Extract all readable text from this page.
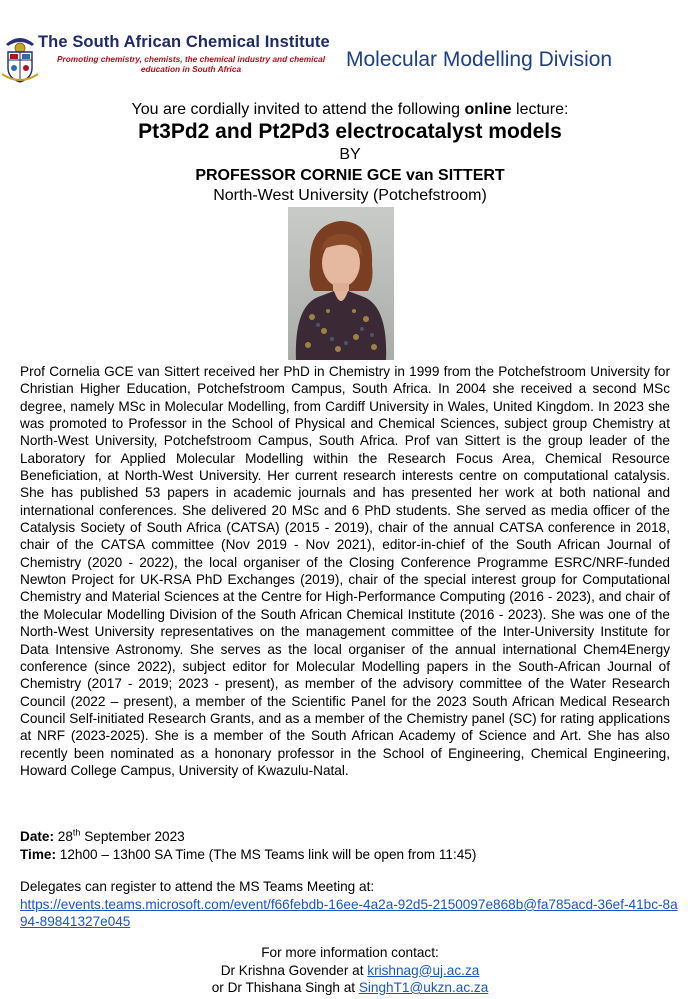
The South African Chemical Institute
Promoting chemistry, chemists, the chemical industry and chemical education in South Africa	Molecular Modelling Division
You are cordially invited to attend the following online lecture:
Pt3Pd2 and Pt2Pd3 electrocatalyst models
BY
PROFESSOR CORNIE GCE van SITTERT
North-West University (Potchefstroom)
Prof Cornelia GCE van Sittert received her PhD in Chemistry in 1999 from the Potchefstroom University for Christian Higher Education, Potchefstroom Campus, South Africa. In 2004 she received a second MSc degree, namely MSc in Molecular Modelling, from Cardiff University in Wales, United Kingdom. In 2023 she was promoted to Professor in the School of Physical and Chemical Sciences, subject group Chemistry at North-West University, Potchefstroom Campus, South Africa. Prof van Sittert is the group leader of the Laboratory for Applied Molecular Modelling within the Research Focus Area, Chemical Resource Beneficiation, at North-West University. Her current research interests centre on computational catalysis. She has published 53 papers in academic journals and has presented her work at both national and international conferences. She delivered 20 MSc and 6 PhD students. She served as media officer of the Catalysis Society of South Africa (CATSA) (2015 - 2019), chair of the annual CATSA conference in 2018, chair of the CATSA committee (Nov 2019 - Nov 2021), editor-in-chief of the South African Journal of Chemistry (2020 - 2022), the local organiser of the Closing Conference Programme ESRC/NRF-funded Newton Project for UK-RSA PhD Exchanges (2019), chair of the special interest group for Computational Chemistry and Material Sciences at the Centre for High-Performance Computing (2016 - 2023), and chair of the Molecular Modelling Division of the South African Chemical Institute (2016 - 2023). She was one of the North-West University representatives on the management committee of the Inter-University Institute for Data Intensive Astronomy. She serves as the local organiser of the annual international Chem4Energy conference (since 2022), subject editor for Molecular Modelling papers in the South-African Journal of Chemistry (2017 - 2019; 2023 - present), as member of the advisory committee of the Water Research Council (2022 – present), a member of the Scientific Panel for the 2023 South African Medical Research Council Self-initiated Research Grants, and as a member of the Chemistry panel (SC) for rating applications at NRF (2023-2025). She is a member of the South African Academy of Science and Art. She has also recently been nominated as a hononary professor in the School of Engineering, Chemical Engineering, Howard College Campus, University of Kwazulu-Natal.
Date: 28th September 2023
Time: 12h00 – 13h00 SA Time (The MS Teams link will be open from 11:45)
Delegates can register to attend the MS Teams Meeting at:
https://events.teams.microsoft.com/event/f66febdb-16ee-4a2a-92d5-2150097e868b@fa785acd-36ef-41bc-8a94-89841327e045
For more information contact:
Dr Krishna Govender at krishnag@uj.ac.za
or Dr Thishana Singh at SinghT1@ukzn.ac.za
